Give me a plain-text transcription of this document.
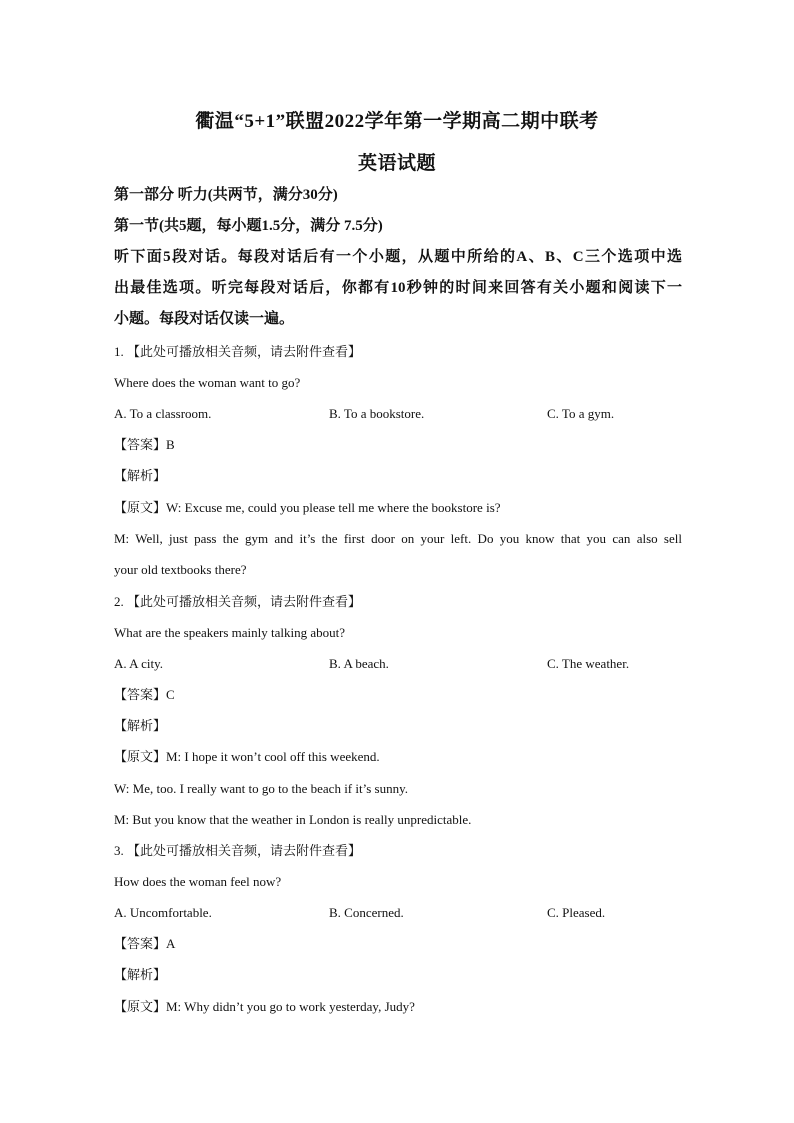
衢温“5+1”联盟2022学年第一学期高二期中联考
英语试题
第一部分 听力(共两节，满分30分)
第一节(共5题，每小题1.5分，满分 7.5分)
听下面5段对话。每段对话后有一个小题，从题中所给的A、B、C三个选项中选
出最佳选项。听完每段对话后，你都有10秒钟的时间来回答有关小题和阅读下一
小题。每段对话仅读一遍。
1. 【此处可播放相关音频，请去附件查看】
Where does the woman want to go?
A. To a classroom.	B. To a bookstore.	C. To a gym.
【答案】B
【解析】
【原文】W: Excuse me, could you please tell me where the bookstore is?
M: Well, just pass the gym and it’s the first door on your left. Do you know that you can also sell
your old textbooks there?
2. 【此处可播放相关音频，请去附件查看】
What are the speakers mainly talking about?
A. A city.	B. A beach.	C. The weather.
【答案】C
【解析】
【原文】M: I hope it won’t cool off this weekend.
W: Me, too. I really want to go to the beach if it’s sunny.
M: But you know that the weather in London is really unpredictable.
3. 【此处可播放相关音频，请去附件查看】
How does the woman feel now?
A. Uncomfortable.	B. Concerned.	C. Pleased.
【答案】A
【解析】
【原文】M: Why didn’t you go to work yesterday, Judy?
